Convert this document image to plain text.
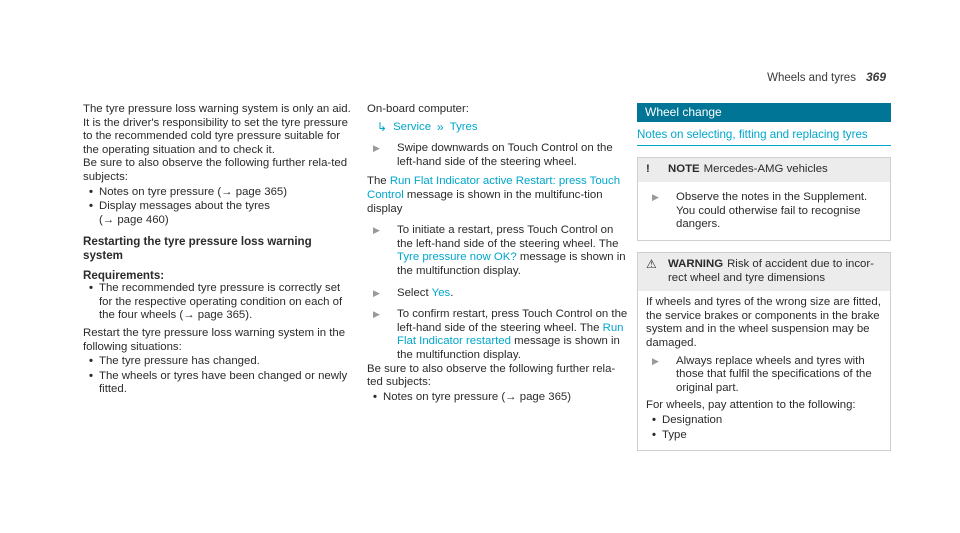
Wheels and tyres 369

The tyre pressure loss warning system is only an aid. It is the driver's responsibility to set the tyre pressure to the recommended cold tyre pressure suitable for the operating situation and to check it.

Be sure to also observe the following further rela-ted subjects:

•
Notes on tyre pressure (→ page 365)
•
Display messages about the tyres
(→ page 460)
Restarting the tyre pressure loss warning system
Requirements:
•
The recommended tyre pressure is correctly set for the respective operating condition on each of the four wheels (→ page 365).

Restart the tyre pressure loss warning system in the following situations:

•
The tyre pressure has changed.
•
The wheels or tyres have been changed or newly fitted.

On-board computer:

↳ Service » Tyres
▶
Swipe downwards on Touch Control on the left-hand side of the steering wheel.

The Run Flat Indicator active Restart: press Touch Control message is shown in the multifunc-tion display

▶
To initiate a restart, press Touch Control on the left-hand side of the steering wheel. The Tyre pressure now OK? message is shown in the multifunction display.
▶
Select Yes.
▶
To confirm restart, press Touch Control on the left-hand side of the steering wheel. The Run Flat Indicator restarted message is shown in the multifunction display.

Be sure to also observe the following further rela-ted subjects:

•
Notes on tyre pressure (→ page 365)
Wheel change
Notes on selecting, fitting and replacing tyres
!	NOTE Mercedes-AMG vehicles
▶
Observe the notes in the Supplement. You could otherwise fail to recognise dangers.
⚠ WARNING Risk of accident due to incor-rect wheel and tyre dimensions

If wheels and tyres of the wrong size are fitted, the service brakes or components in the brake system and in the wheel suspension may be damaged.

▶
Always replace wheels and tyres with those that fulfil the specifications of the original part.

For wheels, pay attention to the following:

•
Designation
•
Type
